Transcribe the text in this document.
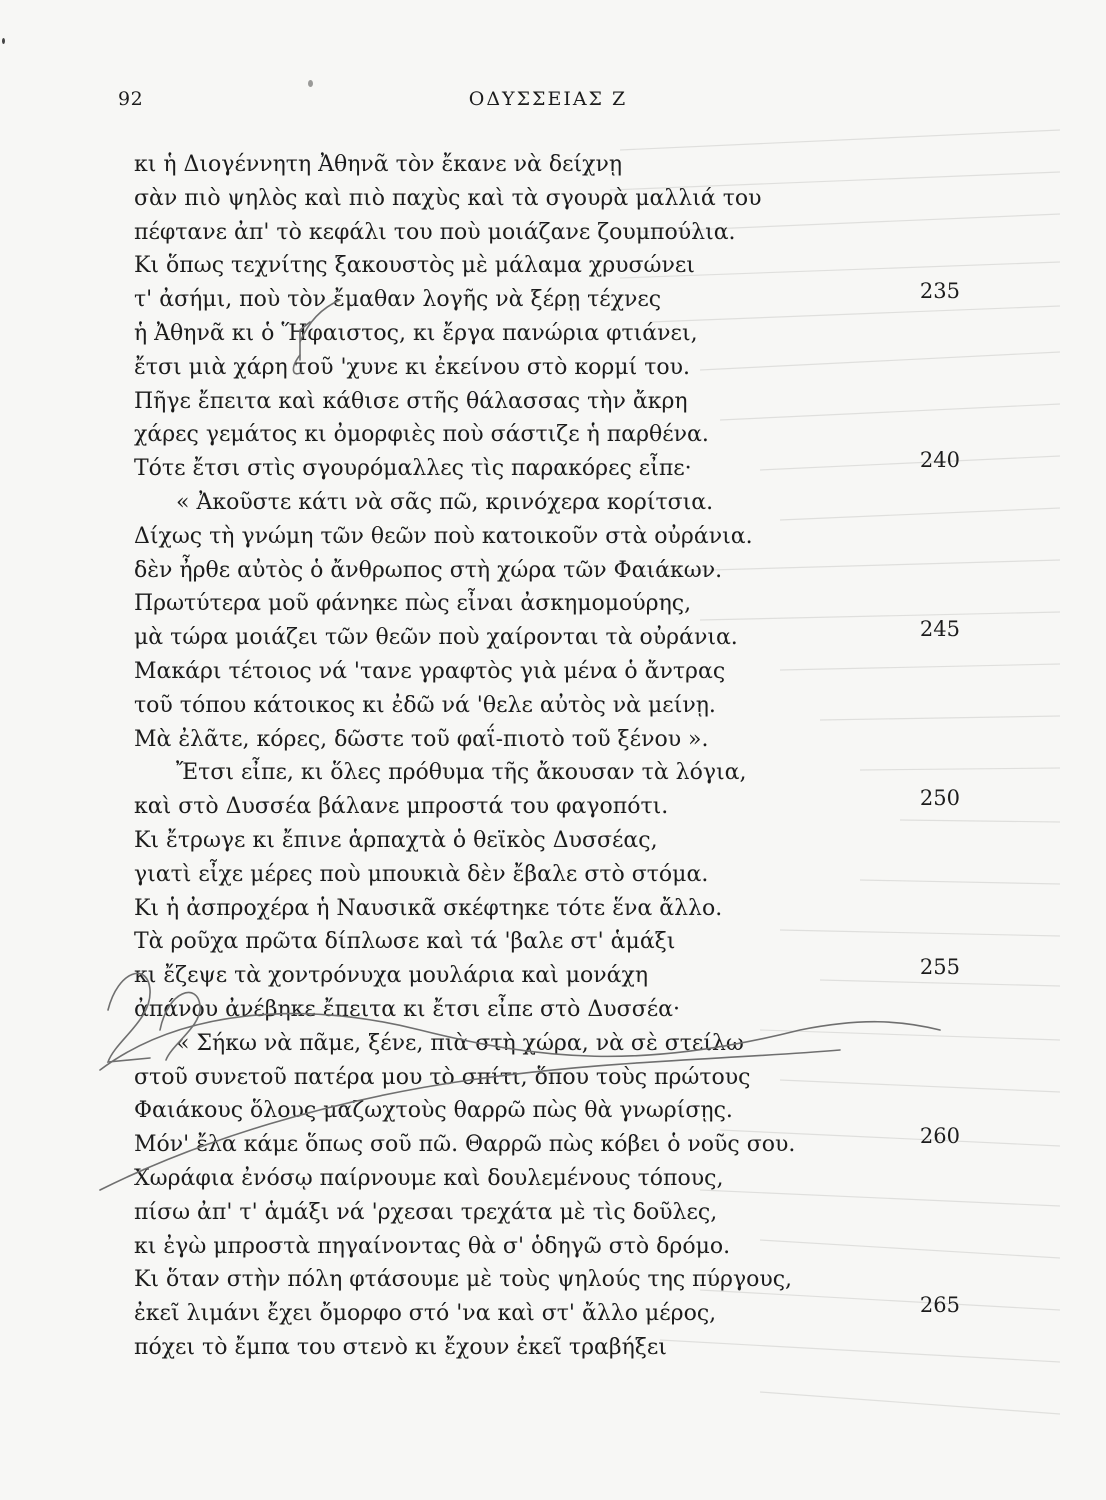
92	ΟΔΥΣΣΕΙΑΣ Ζ
κι ἡ Διογέννητη Ἀθηνᾶ τὸν ἔκανε νὰ δείχνῃ
σὰν πιὸ ψηλὸς καὶ πιὸ παχὺς καὶ τὰ σγουρὰ μαλλιά του
πέφτανε ἀπ' τὸ κεφάλι του ποὺ μοιάζανε ζουμπούλια.
Κι ὅπως τεχνίτης ξακουστὸς μὲ μάλαμα χρυσώνει
τ' ἀσήμι, ποὺ τὸν ἔμαθαν λογῆς νὰ ξέρῃ τέχνες	235
ἡ Ἀθηνᾶ κι ὁ Ἥφαιστος, κι ἔργα πανώρια φτιάνει,
ἔτσι μιὰ χάρη τοῦ 'χυνε κι ἐκείνου στὸ κορμί του.
Πῆγε ἔπειτα καὶ κάθισε στῆς θάλασσας τὴν ἄκρη
χάρες γεμάτος κι ὀμορφιὲς ποὺ σάστιζε ἡ παρθένα.
Τότε ἔτσι στὶς σγουρόμαλλες τὶς παρακόρες εἶπε·	240
« Ἀκοῦστε κάτι νὰ σᾶς πῶ, κρινόχερα κορίτσια.
Δίχως τὴ γνώμη τῶν θεῶν ποὺ κατοικοῦν στὰ οὐράνια.
δὲν ἦρθε αὐτὸς ὁ ἄνθρωπος στὴ χώρα τῶν Φαιάκων.
Πρωτύτερα μοῦ φάνηκε πὼς εἶναι ἀσκημομούρης,
μὰ τώρα μοιάζει τῶν θεῶν ποὺ χαίρονται τὰ οὐράνια.	245
Μακάρι τέτοιος νά 'τανε γραφτὸς γιὰ μένα ὁ ἄντρας
τοῦ τόπου κάτοικος κι ἐδῶ νά 'θελε αὐτὸς νὰ μείνῃ.
Μὰ ἐλᾶτε, κόρες, δῶστε τοῦ φαΐ-πιοτὸ τοῦ ξένου ».
Ἔτσι εἶπε, κι ὅλες πρόθυμα τῆς ἄκουσαν τὰ λόγια,
καὶ στὸ Δυσσέα βάλανε μπροστά του φαγοπότι.	250
Κι ἔτρωγε κι ἔπινε ἁρπαχτὰ ὁ θεϊκὸς Δυσσέας,
γιατὶ εἶχε μέρες ποὺ μπουκιὰ δὲν ἔβαλε στὸ στόμα.
Κι ἡ ἀσπροχέρα ἡ Ναυσικᾶ σκέφτηκε τότε ἕνα ἄλλο.
Τὰ ροῦχα πρῶτα δίπλωσε καὶ τά 'βαλε στ' ἁμάξι
κι ἔζεψε τὰ χοντρόνυχα μουλάρια καὶ μονάχη	255
ἀπάνου ἀνέβηκε ἔπειτα κι ἔτσι εἶπε στὸ Δυσσέα·
« Σήκω νὰ πᾶμε, ξένε, πιὰ στὴ χώρα, νὰ σὲ στείλω
στοῦ συνετοῦ πατέρα μου τὸ σπίτι, ὅπου τοὺς πρώτους
Φαιάκους ὅλους μαζωχτοὺς θαρρῶ πὼς θὰ γνωρίσῃς.
Μόν' ἔλα κάμε ὅπως σοῦ πῶ. Θαρρῶ πὼς κόβει ὁ νοῦς σου.	260
Χωράφια ἐνόσῳ παίρνουμε καὶ δουλεμένους τόπους,
πίσω ἀπ' τ' ἁμάξι νά 'ρχεσαι τρεχάτα μὲ τὶς δοῦλες,
κι ἐγὼ μπροστὰ πηγαίνοντας θὰ σ' ὁδηγῶ στὸ δρόμο.
Κι ὅταν στὴν πόλη φτάσουμε μὲ τοὺς ψηλούς της πύργους,
ἐκεῖ λιμάνι ἔχει ὄμορφο στό 'να καὶ στ' ἄλλο μέρος,	265
πόχει τὸ ἔμπα του στενὸ κι ἔχουν ἐκεῖ τραβήξει
